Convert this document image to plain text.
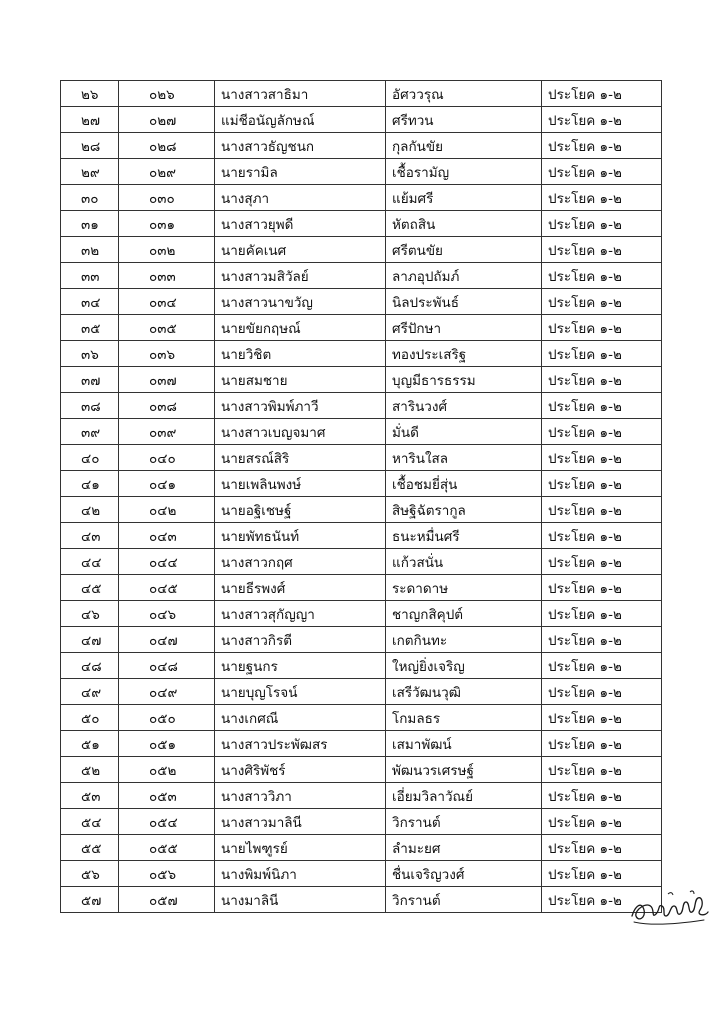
๒๖	๐๒๖	นางสาวสาธิมา	อัศววรุณ	ประโยค ๑-๒
๒๗	๐๒๗	แม่ชีอนัญลักษณ์	ศรีทวน	ประโยค ๑-๒
๒๘	๐๒๘	นางสาวธัญชนก	กุลกันขัย	ประโยค ๑-๒
๒๙	๐๒๙	นายรามิล	เชื้อรามัญ	ประโยค ๑-๒
๓๐	๐๓๐	นางสุภา	แย้มศรี	ประโยค ๑-๒
๓๑	๐๓๑	นางสาวยุพดี	หัตถสิน	ประโยค ๑-๒
๓๒	๐๓๒	นายคัคเนศ	ศรีตนขัย	ประโยค ๑-๒
๓๓	๐๓๓	นางสาวมสิวัลย์	ลาภอุปถัมภ์	ประโยค ๑-๒
๓๔	๐๓๔	นางสาวนาขวัญ	นิลประพันธ์	ประโยค ๑-๒
๓๕	๐๓๕	นายขัยกฤษณ์	ศรีปักษา	ประโยค ๑-๒
๓๖	๐๓๖	นายวิชิต	ทองประเสริฐ	ประโยค ๑-๒
๓๗	๐๓๗	นายสมชาย	บุญมีธารธรรม	ประโยค ๑-๒
๓๘	๐๓๘	นางสาวพิมพ์ภาวี	สารินวงศ์	ประโยค ๑-๒
๓๙	๐๓๙	นางสาวเบญจมาศ	มั่นดี	ประโยค ๑-๒
๔๐	๐๔๐	นายสรณ์สิริ	หารินใสล	ประโยค ๑-๒
๔๑	๐๔๑	นายเพลินพงษ์	เชื้อชมยี่สุ่น	ประโยค ๑-๒
๔๒	๐๔๒	นายอฐิเชษฐ์	สิษฐิฉัตรากูล	ประโยค ๑-๒
๔๓	๐๔๓	นายพัทธนันท์	ธนะหมื่นศรี	ประโยค ๑-๒
๔๔	๐๔๔	นางสาวกฤศ	แก้วสนั่น	ประโยค ๑-๒
๔๕	๐๔๕	นายธีรพงศ์	ระดาดาษ	ประโยค ๑-๒
๔๖	๐๔๖	นางสาวสุกัญญา	ชาญกสิคุปต์	ประโยค ๑-๒
๔๗	๐๔๗	นางสาวกิรตี	เกตกินทะ	ประโยค ๑-๒
๔๘	๐๔๘	นายฐนกร	ใหญ่ยิ่งเจริญ	ประโยค ๑-๒
๔๙	๐๔๙	นายบุญโรจน์	เสรีวัฒนวุฒิ	ประโยค ๑-๒
๕๐	๐๕๐	นางเกศณี	โกมลธร	ประโยค ๑-๒
๕๑	๐๕๑	นางสาวประพัฒสร	เสมาพัฒน์	ประโยค ๑-๒
๕๒	๐๕๒	นางศิริพัชร์	พัฒนวรเศรษฐ์	ประโยค ๑-๒
๕๓	๐๕๓	นางสาววิภา	เอี่ยมวิลาวัณย์	ประโยค ๑-๒
๕๔	๐๕๔	นางสาวมาลินี	วิกรานต์	ประโยค ๑-๒
๕๕	๐๕๕	นายไพฑูรย์	ลำมะยศ	ประโยค ๑-๒
๕๖	๐๕๖	นางพิมพ์นิภา	ชื่นเจริญวงศ์	ประโยค ๑-๒
๕๗	๐๕๗	นางมาลินี	วิกรานต์	ประโยค ๑-๒
